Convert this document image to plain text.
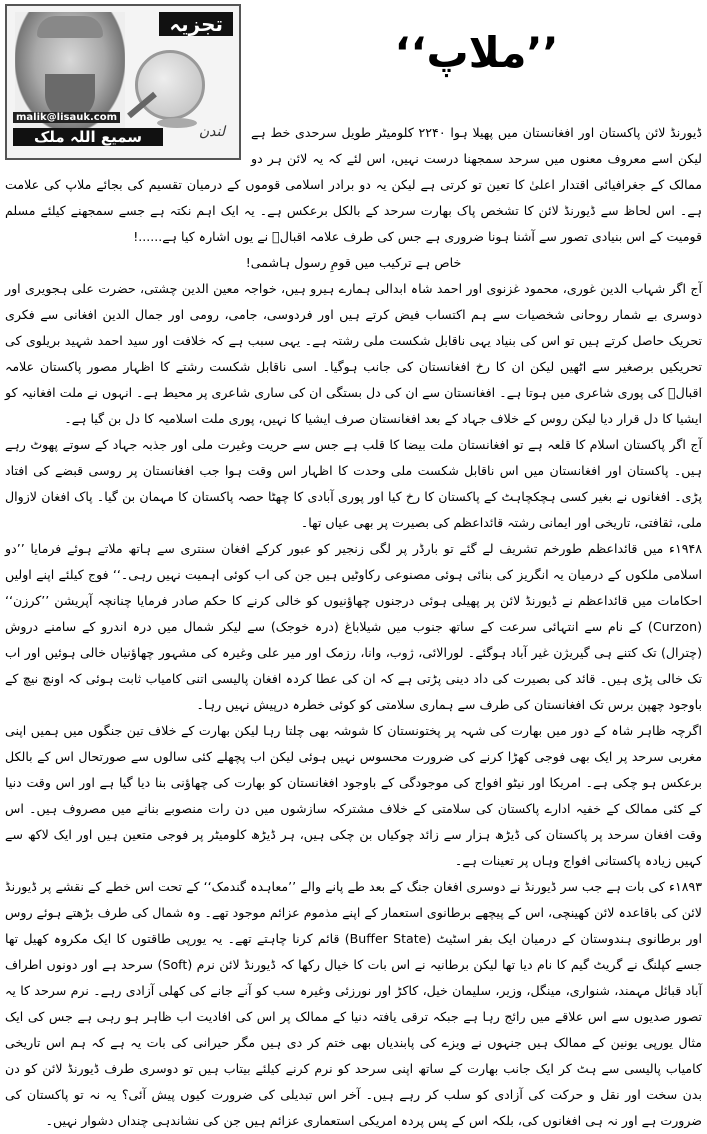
تجزیہ
malik@lisauk.com
سمیع اللہ ملک	لندن
’’ملاپ‘‘

ڈیورنڈ لائن پاکستان اور افغانستان میں پھیلا ہوا ۲۲۴۰ کلومیٹر طویل سرحدی خط ہے لیکن اسے معروف معنوں میں سرحد سمجھنا درست نہیں، اس لئے کہ یہ لائن ہر دو ممالک کے جغرافیائی اقتدار اعلیٰ کا تعین تو کرتی ہے لیکن یہ دو برادر اسلامی قوموں کے درمیان تقسیم کی بجائے ملاپ کی علامت ہے۔ اس لحاظ سے ڈیورنڈ لائن کا تشخص پاک بھارت سرحد کے بالکل برعکس ہے۔ یہ ایک اہم نکتہ ہے جسے سمجھنے کیلئے مسلم قومیت کے اس بنیادی تصور سے آشنا ہونا ضروری ہے جس کی طرف علامہ اقبالؒ نے یوں اشارہ کیا ہے......!

خاص ہے ترکیب میں قومِ رسول ہاشمی!

آج اگر شہاب الدین غوری، محمود غزنوی اور احمد شاہ ابدالی ہمارے ہیرو ہیں، خواجہ معین الدین چشتی، حضرت علی ہجویری اور دوسری بے شمار روحانی شخصیات سے ہم اکتساب فیض کرتے ہیں اور فردوسی، جامی، رومی اور جمال الدین افغانی سے فکری تحریک حاصل کرتے ہیں تو اس کی بنیاد یہی ناقابل شکست ملی رشتہ ہے۔ یہی سبب ہے کہ خلافت اور سید احمد شہید بریلوی کی تحریکیں برصغیر سے اٹھیں لیکن ان کا رخ افغانستان کی جانب ہوگیا۔ اسی ناقابل شکست رشتے کا اظہار مصور پاکستان علامہ اقبالؒ کی پوری شاعری میں ہوتا ہے۔ افغانستان سے ان کی دل بستگی ان کی ساری شاعری پر محیط ہے۔ انہوں نے ملت افغانیہ کو ایشیا کا دل قرار دیا لیکن روس کے خلاف جہاد کے بعد افغانستان صرف ایشیا کا نہیں، پوری ملت اسلامیہ کا دل بن گیا ہے۔

آج اگر پاکستان اسلام کا قلعہ ہے تو افغانستان ملت بیضا کا قلب ہے جس سے حریت وغیرت ملی اور جذبہ جہاد کے سوتے پھوٹ رہے ہیں۔ پاکستان اور افغانستان میں اس ناقابل شکست ملی وحدت کا اظہار اس وقت ہوا جب افغانستان پر روسی قبضے کی افتاد پڑی۔ افغانوں نے بغیر کسی ہچکچاہٹ کے پاکستان کا رخ کیا اور پوری آبادی کا چھٹا حصہ پاکستان کا مہمان بن گیا۔ پاک افغان لازوال ملی، ثقافتی، تاریخی اور ایمانی رشتہ قائداعظم کی بصیرت پر بھی عیاں تھا۔

۱۹۴۸ء میں قائداعظم طورخم تشریف لے گئے تو بارڈر پر لگی زنجیر کو عبور کرکے افغان سنتری سے ہاتھ ملاتے ہوئے فرمایا ’’دو اسلامی ملکوں کے درمیان یہ انگریز کی بنائی ہوئی مصنوعی رکاوٹیں ہیں جن کی اب کوئی اہمیت نہیں رہی۔‘‘ فوج کیلئے اپنے اولیں احکامات میں قائداعظم نے ڈیورنڈ لائن پر پھیلی ہوئی درجنوں چھاؤنیوں کو خالی کرنے کا حکم صادر فرمایا چنانچہ آپریشن ’’کرزن‘‘ (Curzon) کے نام سے انتہائی سرعت کے ساتھ جنوب میں شیلاباغ (درہ خوجک) سے لیکر شمال میں درہ اندرو کے سامنے دروش (چترال) تک کتنے ہی گیریژن غیر آباد ہوگئے۔ لورالائی، ژوب، وانا، رزمک اور میر علی وغیرہ کی مشہور چھاؤنیاں خالی ہوئیں اور اب تک خالی پڑی ہیں۔ قائد کی بصیرت کی داد دینی پڑتی ہے کہ ان کی عطا کردہ افغان پالیسی اتنی کامیاب ثابت ہوئی کہ اونچ نیچ کے باوجود چھپن برس تک افغانستان کی طرف سے ہماری سلامتی کو کوئی خطرہ درپیش نہیں رہا۔

اگرچہ ظاہر شاہ کے دور میں بھارت کی شہہ پر پختونستان کا شوشہ بھی چلتا رہا لیکن بھارت کے خلاف تین جنگوں میں ہمیں اپنی مغربی سرحد پر ایک بھی فوجی کھڑا کرنے کی ضرورت محسوس نہیں ہوئی لیکن اب پچھلے کئی سالوں سے صورتحال اس کے بالکل برعکس ہو چکی ہے۔ امریکا اور نیٹو افواج کی موجودگی کے باوجود افغانستان کو بھارت کی چھاؤنی بنا دیا گیا ہے اور اس وقت دنیا کے کئی ممالک کے خفیہ ادارے پاکستان کی سلامتی کے خلاف مشترکہ سازشوں میں دن رات منصوبے بنانے میں مصروف ہیں۔ اس وقت افغان سرحد پر پاکستان کی ڈیڑھ ہزار سے زائد چوکیاں بن چکی ہیں، ہر ڈیڑھ کلومیٹر پر فوجی متعین ہیں اور ایک لاکھ سے کہیں زیادہ پاکستانی افواج وہاں پر تعینات ہے۔

۱۸۹۳ء کی بات ہے جب سر ڈیورنڈ نے دوسری افغان جنگ کے بعد طے پانے والے ’’معاہدہ گندمک‘‘ کے تحت اس خطے کے نقشے پر ڈیورنڈ لائن کی باقاعدہ لائن کھینچی، اس کے پیچھے برطانوی استعمار کے اپنے مذموم عزائم موجود تھے۔ وہ شمال کی طرف بڑھتے ہوئے روس اور برطانوی ہندوستان کے درمیان ایک بفر اسٹیٹ (Buffer State) قائم کرنا چاہتے تھے۔ یہ یورپی طاقتوں کا ایک مکروہ کھیل تھا جسے کپلنگ نے گریٹ گیم کا نام دیا تھا لیکن برطانیہ نے اس بات کا خیال رکھا کہ ڈیورنڈ لائن نرم (Soft) سرحد ہے اور دونوں اطراف آباد قبائل مہمند، شنواری، مینگل، وزیر، سلیمان خیل، کاکڑ اور نورزئی وغیرہ سب کو آنے جانے کی کھلی آزادی رہے۔ نرم سرحد کا یہ تصور صدیوں سے اس علاقے میں رائج رہا ہے جبکہ ترقی یافتہ دنیا کے ممالک پر اس کی افادیت اب ظاہر ہو رہی ہے جس کی ایک مثال یورپی یونین کے ممالک ہیں جنہوں نے ویزے کی پابندیاں بھی ختم کر دی ہیں مگر حیرانی کی بات یہ ہے کہ ہم اس تاریخی کامیاب پالیسی سے ہٹ کر ایک جانب بھارت کے ساتھ اپنی سرحد کو نرم کرنے کیلئے بیتاب ہیں تو دوسری طرف ڈیورنڈ لائن کو دن بدن سخت اور نقل و حرکت کی آزادی کو سلب کر رہے ہیں۔ آخر اس تبدیلی کی ضرورت کیوں پیش آئی؟ یہ نہ تو پاکستان کی ضرورت ہے اور نہ ہی افغانوں کی، بلکہ اس کے پس پردہ امریکی استعماری عزائم ہیں جن کی نشاندہی چنداں دشوار نہیں۔
